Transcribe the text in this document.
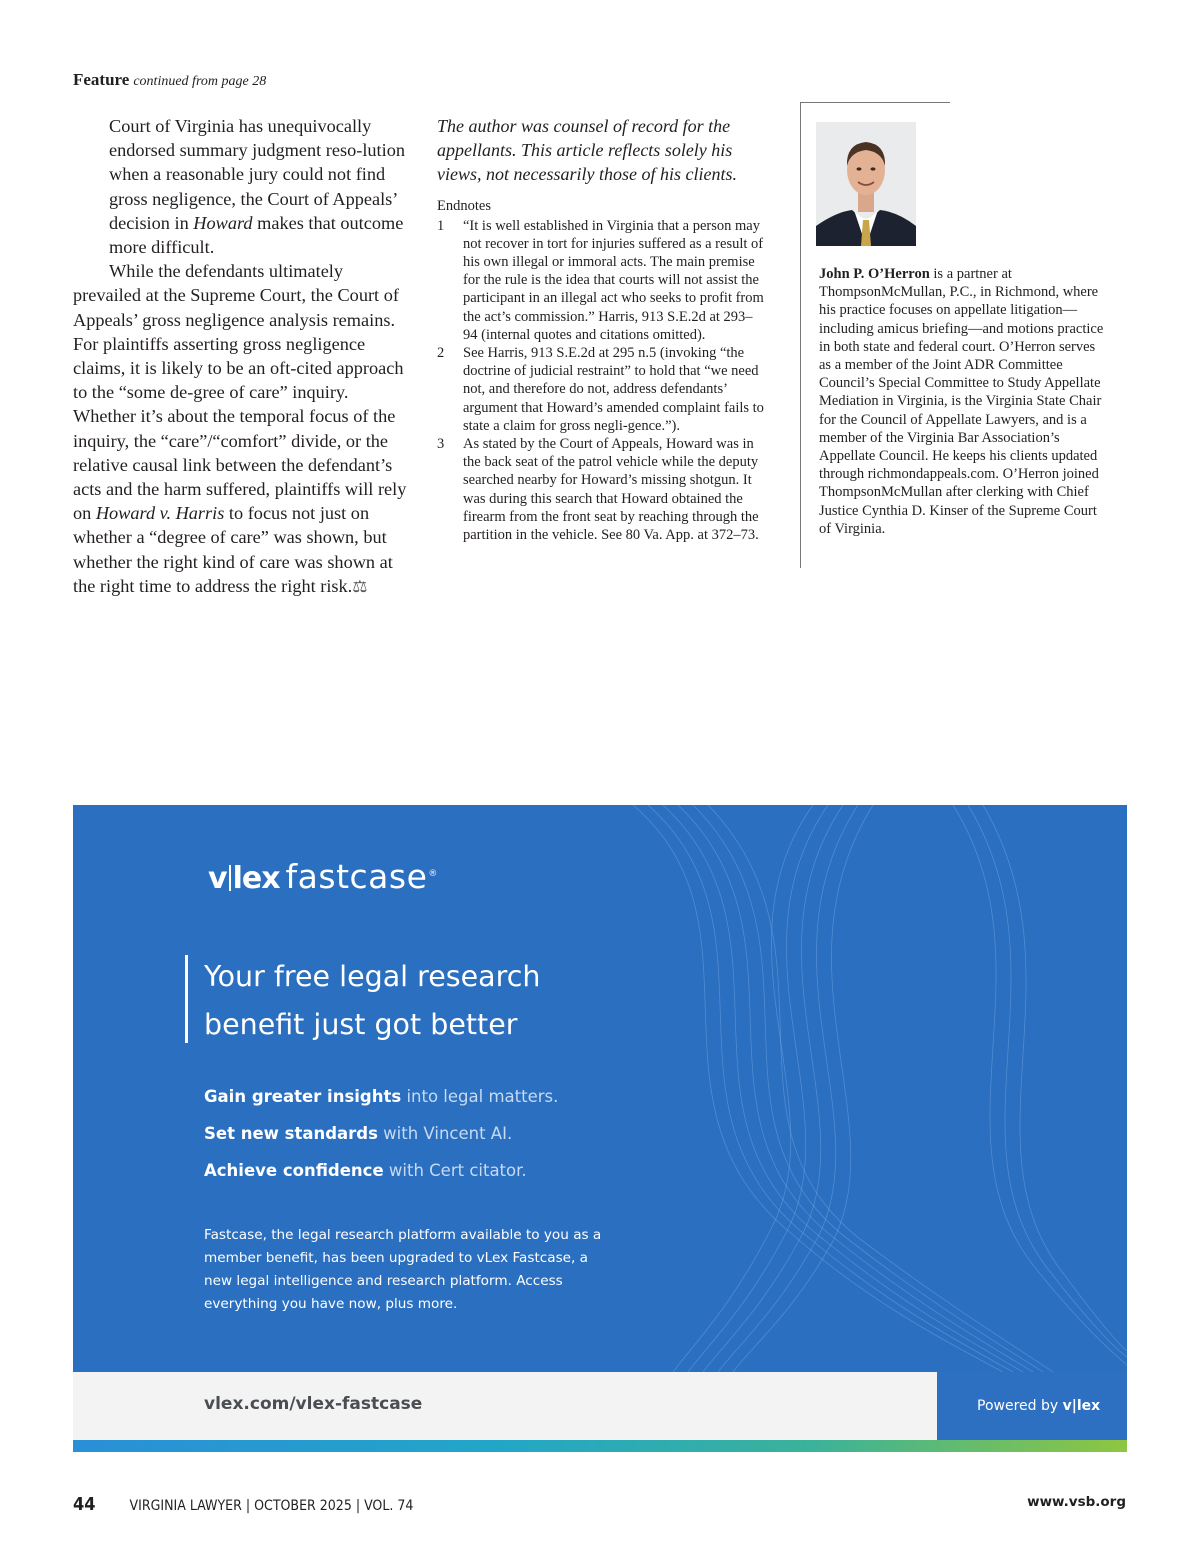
Feature continued from page 28

Court of Virginia has unequivocally endorsed summary judgment reso-lution when a reasonable jury could not find gross negligence, the Court of Appeals’ decision in Howard makes that outcome more difficult.

While the defendants ultimately prevailed at the Supreme Court, the Court of Appeals’ gross negligence analysis remains. For plaintiffs asserting gross negligence claims, it is likely to be an oft-cited approach to the “some de-gree of care” inquiry. Whether it’s about the temporal focus of the inquiry, the “care”/“comfort” divide, or the relative causal link between the defendant’s acts and the harm suffered, plaintiffs will rely on Howard v. Harris to focus not just on whether a “degree of care” was shown, but whether the right kind of care was shown at the right time to address the right risk.⚖

The author was counsel of record for the appellants. This article reflects solely his views, not necessarily those of his clients.

Endnotes

1	“It is well established in Virginia that a person may not recover in tort for injuries suffered as a result of his own illegal or immoral acts. The main premise for the rule is the idea that courts will not assist the participant in an illegal act who seeks to profit from the act’s commission.” Harris, 913 S.E.2d at 293–94 (internal quotes and citations omitted).
2	See Harris, 913 S.E.2d at 295 n.5 (invoking “the doctrine of judicial restraint” to hold that “we need not, and therefore do not, address defendants’ argument that Howard’s amended complaint fails to state a claim for gross negli-gence.”).
3	As stated by the Court of Appeals, Howard was in the back seat of the patrol vehicle while the deputy searched nearby for Howard’s missing shotgun. It was during this search that Howard obtained the firearm from the front seat by reaching through the partition in the vehicle. See 80 Va. App. at 372–73.

John P. O’Herron is a partner at ThompsonMcMullan, P.C., in Richmond, where his practice focuses on appellate litigation—including amicus briefing—and motions practice in both state and federal court. O’Herron serves as a member of the Joint ADR Committee Council’s Special Committee to Study Appellate Mediation in Virginia, is the Virginia State Chair for the Council of Appellate Lawyers, and is a member of the Virginia Bar Association’s Appellate Council. He keeps his clients updated through richmondappeals.com. O’Herron joined ThompsonMcMullan after clerking with Chief Justice Cynthia D. Kinser of the Supreme Court of Virginia.

v lex fastcase®
Your free legal research
benefit just got better

Gain greater insights into legal matters.

Set new standards with Vincent AI.

Achieve confidence with Cert citator.

Fastcase, the legal research platform available to you as a member benefit, has been upgraded to vLex Fastcase, a new legal intelligence and research platform. Access everything you have now, plus more.

vlex.com/vlex-fastcase	Powered by v|lex
44 VIRGINIA LAWYER | OCTOBER 2025 | VOL. 74	www.vsb.org
